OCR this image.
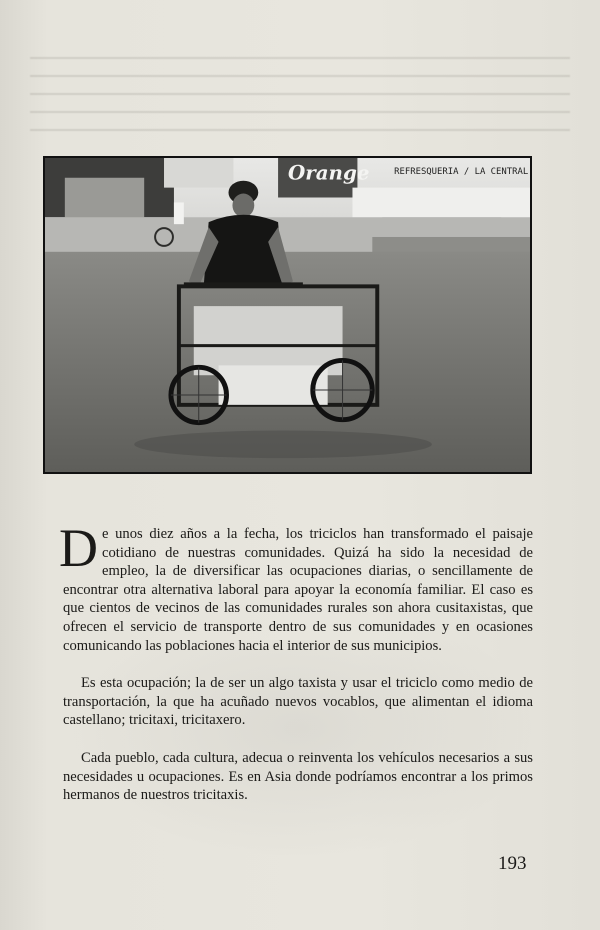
Orange	REFRESQUERIA / LA CENTRAL

De unos diez años a la fecha, los triciclos han transformado el paisaje cotidiano de nuestras comunidades. Quizá ha sido la necesidad de empleo, la de diversificar las ocupaciones diarias, o sencillamente de encontrar otra alternativa laboral para apoyar la economía familiar. El caso es que cientos de vecinos de las comunidades rurales son ahora cusitaxistas, que ofrecen el servicio de transporte dentro de sus comunidades y en ocasiones comunicando las poblaciones hacia el interior de sus municipios.

Es esta ocupación; la de ser un algo taxista y usar el triciclo como medio de transportación, la que ha acuñado nuevos vocablos, que alimentan el idioma castellano; tricitaxi, tricitaxero.

Cada pueblo, cada cultura, adecua o reinventa los vehículos necesarios a sus necesidades u ocupaciones. Es en Asia donde podríamos encontrar a los primos hermanos de nuestros tricitaxis.

193
